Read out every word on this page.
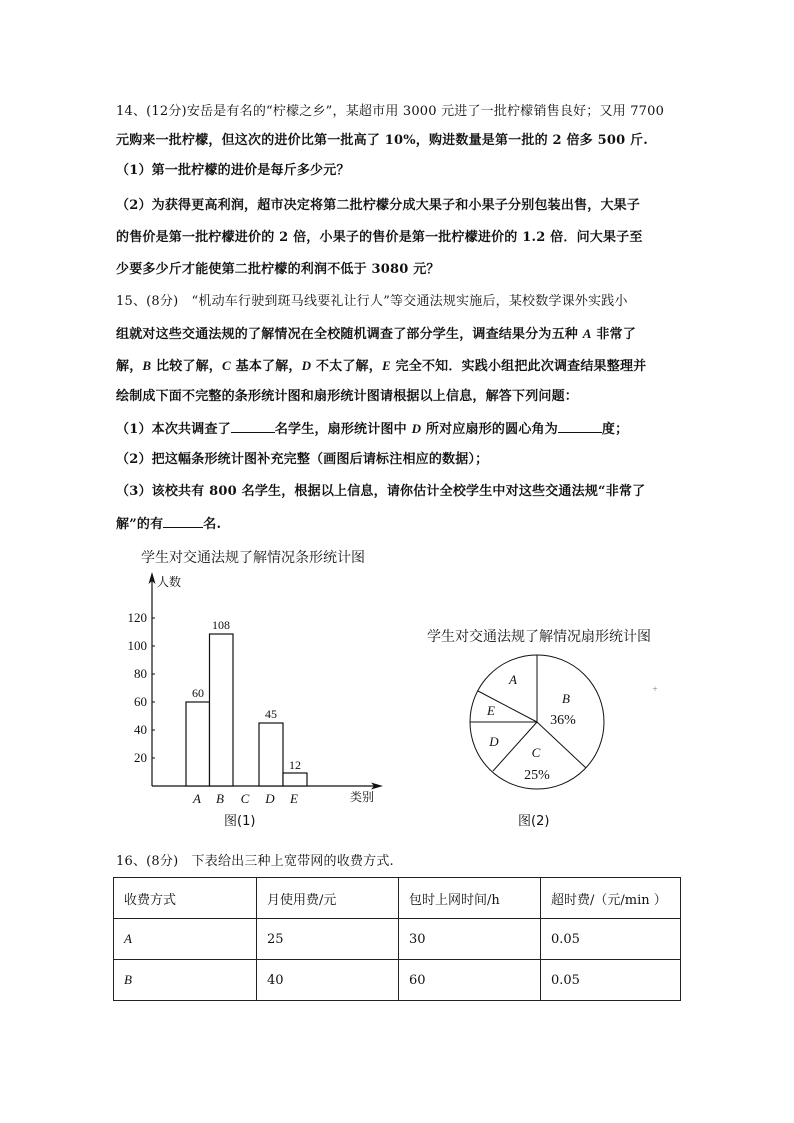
14、(12分)安岳是有名的“柠檬之乡”，某超市用 3000 元进了一批柠檬销售良好；又用 7700
元购来一批柠檬，但这次的进价比第一批高了 10%，购进数量是第一批的 2 倍多 500 斤.
（1）第一批柠檬的进价是每斤多少元？
（2）为获得更高利润，超市决定将第二批柠檬分成大果子和小果子分别包装出售，大果子
的售价是第一批柠檬进价的 2 倍，小果子的售价是第一批柠檬进价的 1.2 倍．问大果子至
少要多少斤才能使第二批柠檬的利润不低于 3080 元？
15、(8分)　“机动车行驶到斑马线要礼让行人”等交通法规实施后，某校数学课外实践小
组就对这些交通法规的了解情况在全校随机调查了部分学生，调查结果分为五种 A 非常了
解，B 比较了解，C 基本了解，D 不太了解，E 完全不知．实践小组把此次调查结果整理并
绘制成下面不完整的条形统计图和扇形统计图请根据以上信息，解答下列问题：
（1）本次共调查了	名学生，扇形统计图中 D 所对应扇形的圆心角为	度；
（2）把这幅条形统计图补充完整（画图后请标注相应的数据）；
（3）该校共有 800 名学生，根据以上信息，请你估计全校学生中对这些交通法规“非常了
解”的有	名.
学生对交通法规了解情况条形统计图
20
40
60
80
100
120
60
108
45
12
A B C D E
A
B
36%
E
D
C
25%
+
类别
人数
图(1)
学生对交通法规了解情况扇形统计图
图(2)
16、(8分)　下表给出三种上宽带网的收费方式.
收费方式	月使用费/元	包时上网时间/h	超时费/（元/min ）
A	25	30	0.05
B	40	60	0.05
